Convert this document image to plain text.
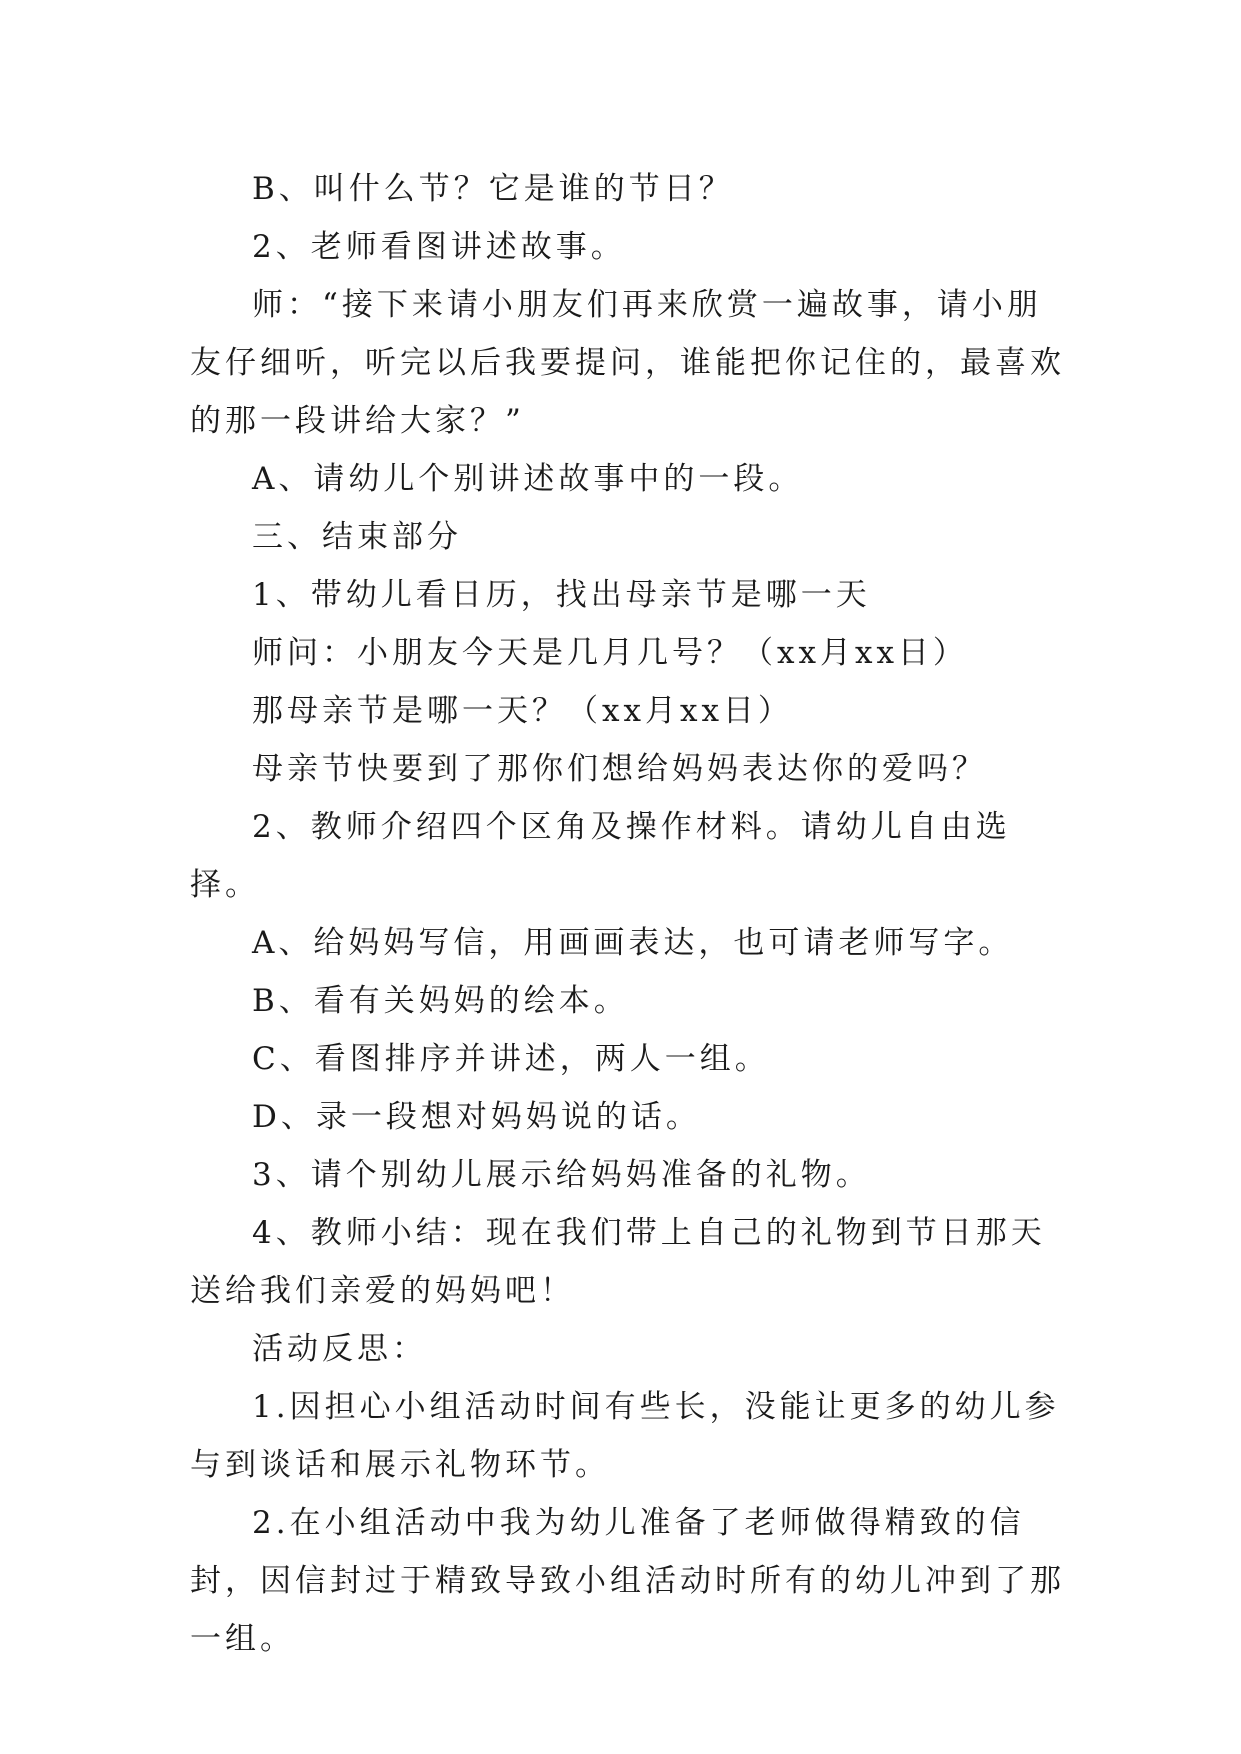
B、叫什么节？它是谁的节日？

2、老师看图讲述故事。

师：“接下来请小朋友们再来欣赏一遍故事，请小朋友仔细听，听完以后我要提问，谁能把你记住的，最喜欢的那一段讲给大家？”

A、请幼儿个别讲述故事中的一段。

三、结束部分

1、带幼儿看日历，找出母亲节是哪一天

师问：小朋友今天是几月几号？（xx月xx日）

那母亲节是哪一天？（xx月xx日）

母亲节快要到了那你们想给妈妈表达你的爱吗？

2、教师介绍四个区角及操作材料。请幼儿自由选择。

A、给妈妈写信，用画画表达，也可请老师写字。

B、看有关妈妈的绘本。

C、看图排序并讲述，两人一组。

D、录一段想对妈妈说的话。

3、请个别幼儿展示给妈妈准备的礼物。

4、教师小结：现在我们带上自己的礼物到节日那天送给我们亲爱的妈妈吧！

活动反思：

1.因担心小组活动时间有些长，没能让更多的幼儿参与到谈话和展示礼物环节。

2.在小组活动中我为幼儿准备了老师做得精致的信封，因信封过于精致导致小组活动时所有的幼儿冲到了那一组。
